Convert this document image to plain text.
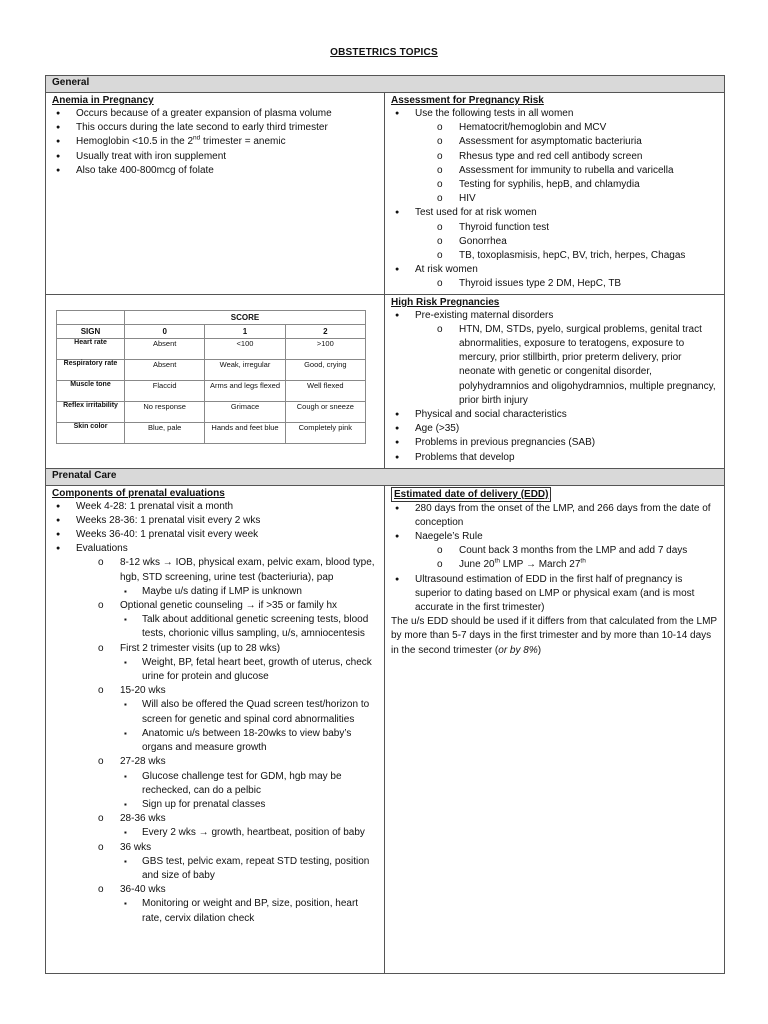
OBSTETRICS TOPICS
General

Anemia in Pregnancy
● Occurs because of a greater expansion of plasma volume
● This occurs during the late second to early third trimester
● Hemoglobin <10.5 in the 2nd trimester = anemic
● Usually treat with iron supplement
● Also take 400-800mcg of folate

Assessment for Pregnancy Risk
● Use the following tests in all women
o Hematocrit/hemoglobin and MCV
o Assessment for asymptomatic bacteriuria
o Rhesus type and red cell antibody screen
o Assessment for immunity to rubella and varicella
o Testing for syphilis, hepB, and chlamydia
o HIV
● Test used for at risk women
o Thyroid function test
o Gonorrhea
o TB, toxoplasmisis, hepC, BV, trich, herpes, Chagas
● At risk women
o Thyroid issues type 2 DM, HepC, TB

	SCORE
SIGN	0	1	2
Heart rate	Absent	<100	>100
Respiratory rate	Absent	Weak, irregular	Good, crying
Muscle tone	Flaccid	Arms and legs flexed	Well flexed
Reflex irritability	No response	Grimace	Cough or sneeze
Skin color	Blue, pale	Hands and feet blue	Completely pink

High Risk Pregnancies
● Pre-existing maternal disorders
o HTN, DM, STDs, pyelo, surgical problems, genital tract abnormalities, exposure to teratogens, exposure to mercury, prior stillbirth, prior preterm delivery, prior neonate with genetic or congenital disorder, polyhydramnios and oligohydramnios, multiple pregnancy, prior birth injury
● Physical and social characteristics
● Age (>35)
● Problems in previous pregnancies (SAB)
● Problems that develop

Prenatal Care

Components of prenatal evaluations
● Week 4-28: 1 prenatal visit a month
● Weeks 28-36: 1 prenatal visit every 2 wks
● Weeks 36-40: 1 prenatal visit every week
● Evaluations
o 8-12 wks → IOB, physical exam, pelvic exam, blood type, hgb, STD screening, urine test (bacteriuria), pap
▪ Maybe u/s dating if LMP is unknown
o Optional genetic counseling → if >35 or family hx
▪ Talk about additional genetic screening tests, blood tests, chorionic villus sampling, u/s, amniocentesis
o First 2 trimester visits (up to 28 wks)
▪ Weight, BP, fetal heart beet, growth of uterus, check urine for protein and glucose
o 15-20 wks
▪ Will also be offered the Quad screen test/horizon to screen for genetic and spinal cord abnormalities
▪ Anatomic u/s between 18-20wks to view baby’s organs and measure growth
o 27-28 wks
▪ Glucose challenge test for GDM, hgb may be rechecked, can do a pelbic
▪ Sign up for prenatal classes
o 28-36 wks
▪ Every 2 wks → growth, heartbeat, position of baby
o 36 wks
▪ GBS test, pelvic exam, repeat STD testing, position and size of baby
o 36-40 wks
▪ Monitoring or weight and BP, size, position, heart rate, cervix dilation check
	Estimated date of delivery (EDD)
● 280 days from the onset of the LMP, and 266 days from the date of conception
● Naegele’s Rule
o Count back 3 months from the LMP and add 7 days
o June 20th LMP → March 27th
● Ultrasound estimation of EDD in the first half of pregnancy is superior to dating based on LMP or physical exam (and is most accurate in the first trimester)
The u/s EDD should be used if it differs from that calculated from the LMP by more than 5-7 days in the first trimester and by more than 10-14 days in the second trimester (or by 8%)
